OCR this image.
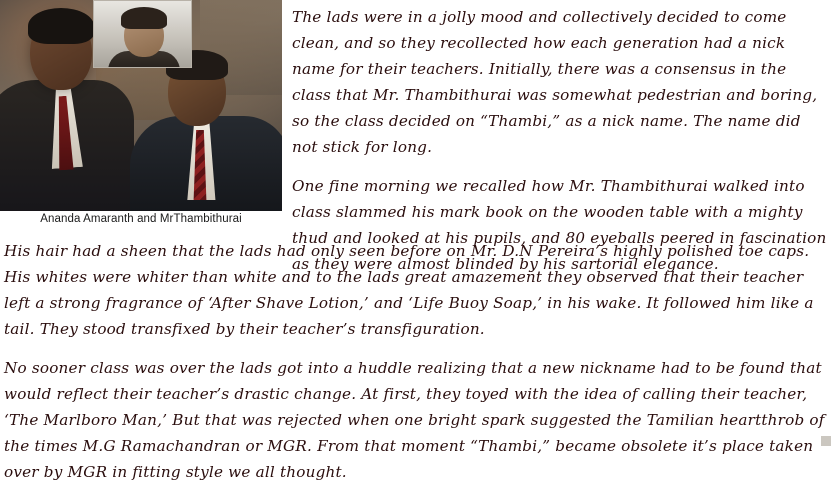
Ananda Amaranth and MrThambithurai

The lads were in a jolly mood and collectively decided to come clean, and so they recollected how each generation had a nick name for their teachers. Initially, there was a consensus in the class that Mr. Thambithurai was somewhat pedestrian and boring, so the class decided on “Thambi,” as a nick name. The name did not stick for long.

One fine morning we recalled how Mr. Thambithurai walked into class slammed his mark book on the wooden table with a mighty thud and looked at his pupils, and 80 eyeballs peered in fascination as they were almost blinded by his sartorial elegance.

His hair had a sheen that the lads had only seen before on Mr. D.N Pereira’s highly polished toe caps. His whites were whiter than white and to the lads great amazement they observed that their teacher left a strong fragrance of ‘After Shave Lotion,’ and ‘Life Buoy Soap,’ in his wake. It followed him like a tail. They stood transfixed by their teacher’s transfiguration.

No sooner class was over the lads got into a huddle realizing that a new nickname had to be found that would reflect their teacher’s drastic change. At first, they toyed with the idea of calling their teacher, ‘The Marlboro Man,’ But that was rejected when one bright spark suggested the Tamilian heartthrob of the times M.G Ramachandran or MGR. From that moment “Thambi,” became obsolete it’s place taken over by MGR in fitting style we all thought.
